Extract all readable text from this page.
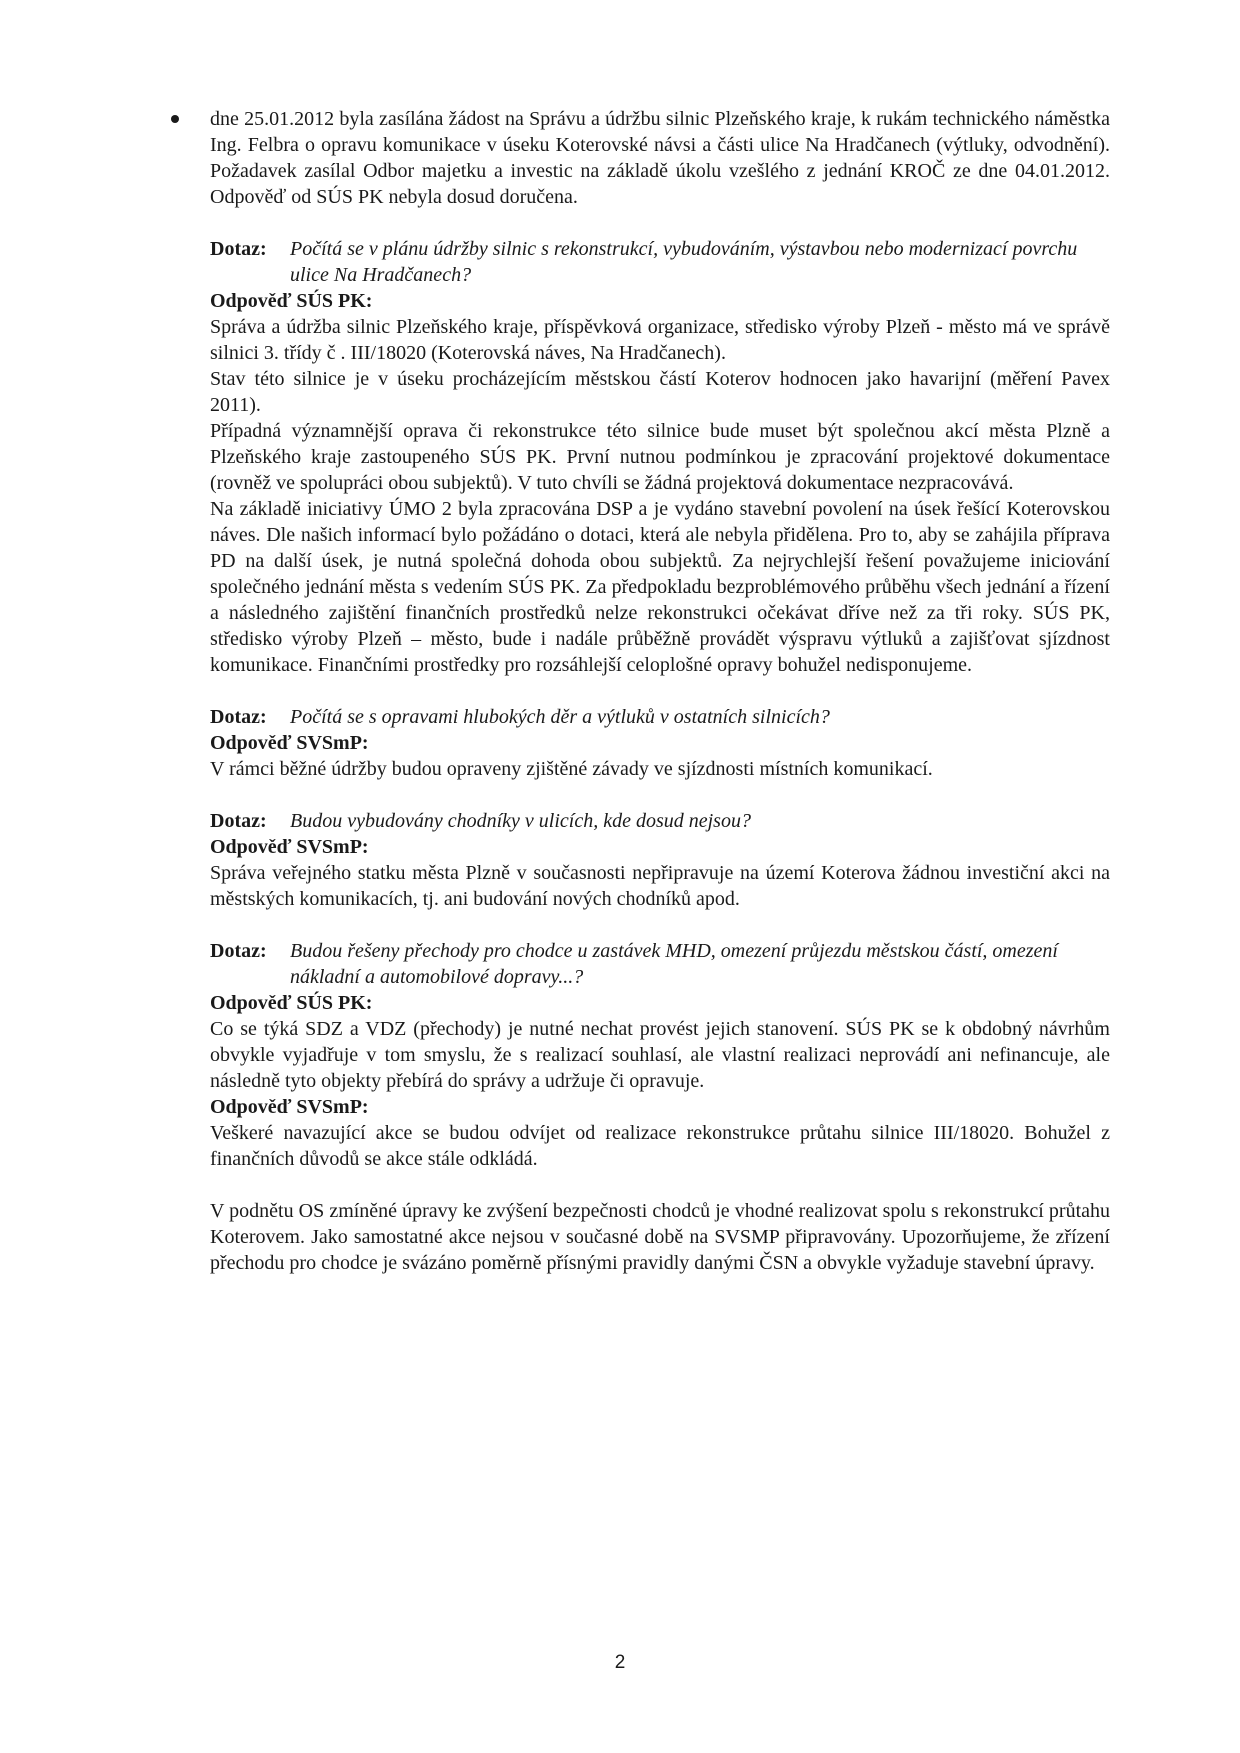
dne 25.01.2012 byla zasílána žádost na Správu a údržbu silnic Plzeňského kraje, k rukám technického náměstka Ing. Felbra o opravu komunikace v úseku Koterovské návsi a části ulice Na Hradčanech (výtluky, odvodnění). Požadavek zasílal Odbor majetku a investic na základě úkolu vzešlého z jednání KROČ ze dne 04.01.2012. Odpověď od SÚS PK nebyla dosud doručena.

Dotaz:	Počítá se v plánu údržby silnic s rekonstrukcí, vybudováním, výstavbou nebo modernizací povrchu ulice Na Hradčanech?

Odpověď SÚS PK:

Správa a údržba silnic Plzeňského kraje, příspěvková organizace, středisko výroby Plzeň - město má ve správě silnici 3. třídy č . III/18020 (Koterovská náves, Na Hradčanech).

Stav této silnice je v úseku procházejícím městskou částí Koterov hodnocen jako havarijní (měření Pavex 2011).

Případná významnější oprava či rekonstrukce této silnice bude muset být společnou akcí města Plzně a Plzeňského kraje zastoupeného SÚS PK. První nutnou podmínkou je zpracování projektové dokumentace (rovněž ve spolupráci obou subjektů). V tuto chvíli se žádná projektová dokumentace nezpracovává.

Na základě iniciativy ÚMO 2 byla zpracována DSP a je vydáno stavební povolení na úsek řešící Koterovskou náves. Dle našich informací bylo požádáno o dotaci, která ale nebyla přidělena. Pro to, aby se zahájila příprava PD na další úsek, je nutná společná dohoda obou subjektů. Za nejrychlejší řešení považujeme iniciování společného jednání města s vedením SÚS PK. Za předpokladu bezproblémového průběhu všech jednání a řízení a následného zajištění finančních prostředků nelze rekonstrukci očekávat dříve než za tři roky. SÚS PK, středisko výroby Plzeň – město, bude i nadále průběžně provádět výspravu výtluků a zajišťovat sjízdnost komunikace. Finančními prostředky pro rozsáhlejší celoplošné opravy bohužel nedisponujeme.

Dotaz:	Počítá se s opravami hlubokých děr a výtluků v ostatních silnicích?

Odpověď SVSmP:

V rámci běžné údržby budou opraveny zjištěné závady ve sjízdnosti místních komunikací.

Dotaz:	Budou vybudovány chodníky v ulicích, kde dosud nejsou?

Odpověď SVSmP:

Správa veřejného statku města Plzně v současnosti nepřipravuje na území Koterova žádnou investiční akci na městských komunikacích, tj. ani budování nových chodníků apod.

Dotaz:	Budou řešeny přechody pro chodce u zastávek MHD, omezení průjezdu městskou částí, omezení nákladní a automobilové dopravy...?

Odpověď SÚS PK:

Co se týká SDZ a VDZ (přechody) je nutné nechat provést jejich stanovení. SÚS PK se k obdobný návrhům obvykle vyjadřuje v tom smyslu, že s realizací souhlasí, ale vlastní realizaci neprovádí ani nefinancuje, ale následně tyto objekty přebírá do správy a udržuje či opravuje.

Odpověď SVSmP:

Veškeré navazující akce se budou odvíjet od realizace rekonstrukce průtahu silnice III/18020. Bohužel z finančních důvodů se akce stále odkládá.

V podnětu OS zmíněné úpravy ke zvýšení bezpečnosti chodců je vhodné realizovat spolu s rekonstrukcí průtahu Koterovem. Jako samostatné akce nejsou v současné době na SVSMP připravovány. Upozorňujeme, že zřízení přechodu pro chodce je svázáno poměrně přísnými pravidly danými ČSN a obvykle vyžaduje stavební úpravy.

2
